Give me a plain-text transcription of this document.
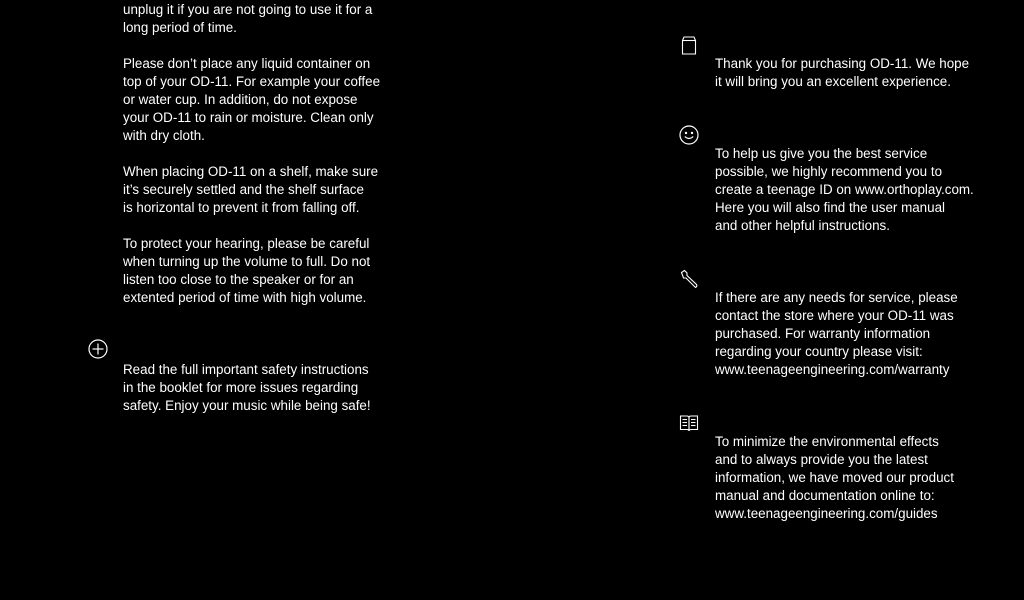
unplug it if you are not going to use it for a
long period of time.

Please don’t place any liquid container on
top of your OD-11. For example your coffee
or water cup. In addition, do not expose
your OD-11 to rain or moisture. Clean only
with dry cloth.

When placing OD-11 on a shelf, make sure
it’s securely settled and the shelf surface
is horizontal to prevent it from falling off.

To protect your hearing, please be careful
when turning up the volume to full. Do not
listen too close to the speaker or for an
extented period of time with high volume.

Read the full important safety instructions
in the booklet for more issues regarding
safety. Enjoy your music while being safe!

Thank you for purchasing OD-11. We hope
it will bring you an excellent experience.

To help us give you the best service
possible, we highly recommend you to
create a teenage ID on www.orthoplay.com.
Here you will also find the user manual
and other helpful instructions.

If there are any needs for service, please
contact the store where your OD-11 was
purchased. For warranty information
regarding your country please visit:
www.teenageengineering.com/warranty

To minimize the environmental effects
and to always provide you the latest
information, we have moved our product
manual and documentation online to:
www.teenageengineering.com/guides
